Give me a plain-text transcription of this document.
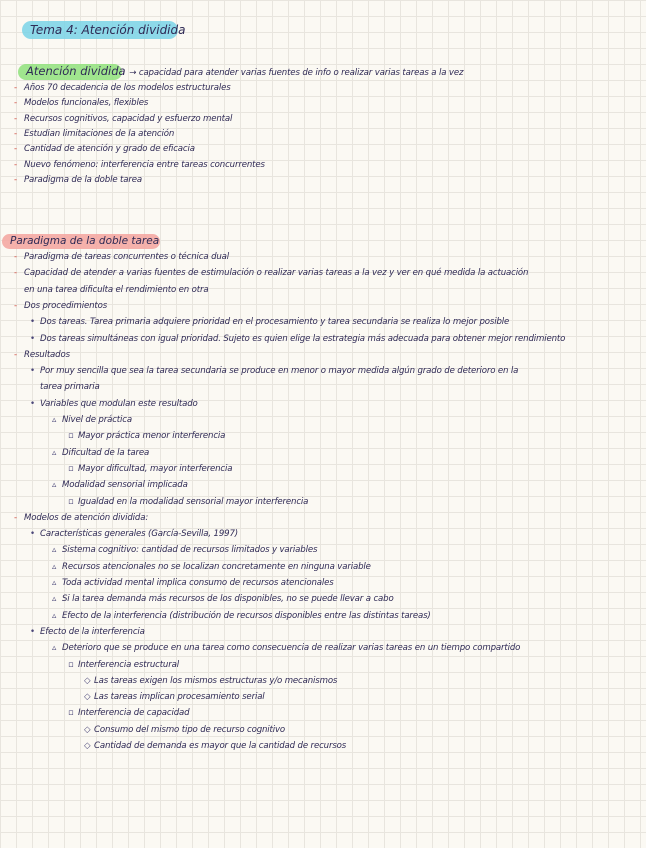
Tema 4: Atención dividida
Atención dividida → capacidad para atender varias fuentes de info o realizar varias tareas a la vez
- Años 70 decadencia de los modelos estructurales
- Modelos funcionales, flexibles
- Recursos cognitivos, capacidad y esfuerzo mental
- Estudian limitaciones de la atención
- Cantidad de atención y grado de eficacia
- Nuevo fenómeno: interferencia entre tareas concurrentes
- Paradigma de la doble tarea
Paradigma de la doble tarea
- Paradigma de tareas concurrentes o técnica dual
- Capacidad de atender a varias fuentes de estimulación o realizar varias tareas a la vez y ver en qué medida la actuación
en una tarea dificulta el rendimiento en otra
- Dos procedimientos
• Dos tareas. Tarea primaria adquiere prioridad en el procesamiento y tarea secundaria se realiza lo mejor posible
• Dos tareas simultáneas con igual prioridad. Sujeto es quien elige la estrategia más adecuada para obtener mejor rendimiento
- Resultados
• Por muy sencilla que sea la tarea secundaria se produce en menor o mayor medida algún grado de deterioro en la
tarea primaria
• Variables que modulan este resultado
▵ Nivel de práctica
▫ Mayor práctica menor interferencia
▵ Dificultad de la tarea
▫ Mayor dificultad, mayor interferencia
▵ Modalidad sensorial implicada
▫ Igualdad en la modalidad sensorial mayor interferencia
- Modelos de atención dividida:
• Características generales (García-Sevilla, 1997)
▵ Sistema cognitivo: cantidad de recursos limitados y variables
▵ Recursos atencionales no se localizan concretamente en ninguna variable
▵ Toda actividad mental implica consumo de recursos atencionales
▵ Si la tarea demanda más recursos de los disponibles, no se puede llevar a cabo
▵ Efecto de la interferencia (distribución de recursos disponibles entre las distintas tareas)
• Efecto de la interferencia
▵ Deterioro que se produce en una tarea como consecuencia de realizar varias tareas en un tiempo compartido
▫ Interferencia estructural
◇ Las tareas exigen los mismos estructuras y/o mecanismos
◇ Las tareas implican procesamiento serial
▫ Interferencia de capacidad
◇ Consumo del mismo tipo de recurso cognitivo
◇ Cantidad de demanda es mayor que la cantidad de recursos
